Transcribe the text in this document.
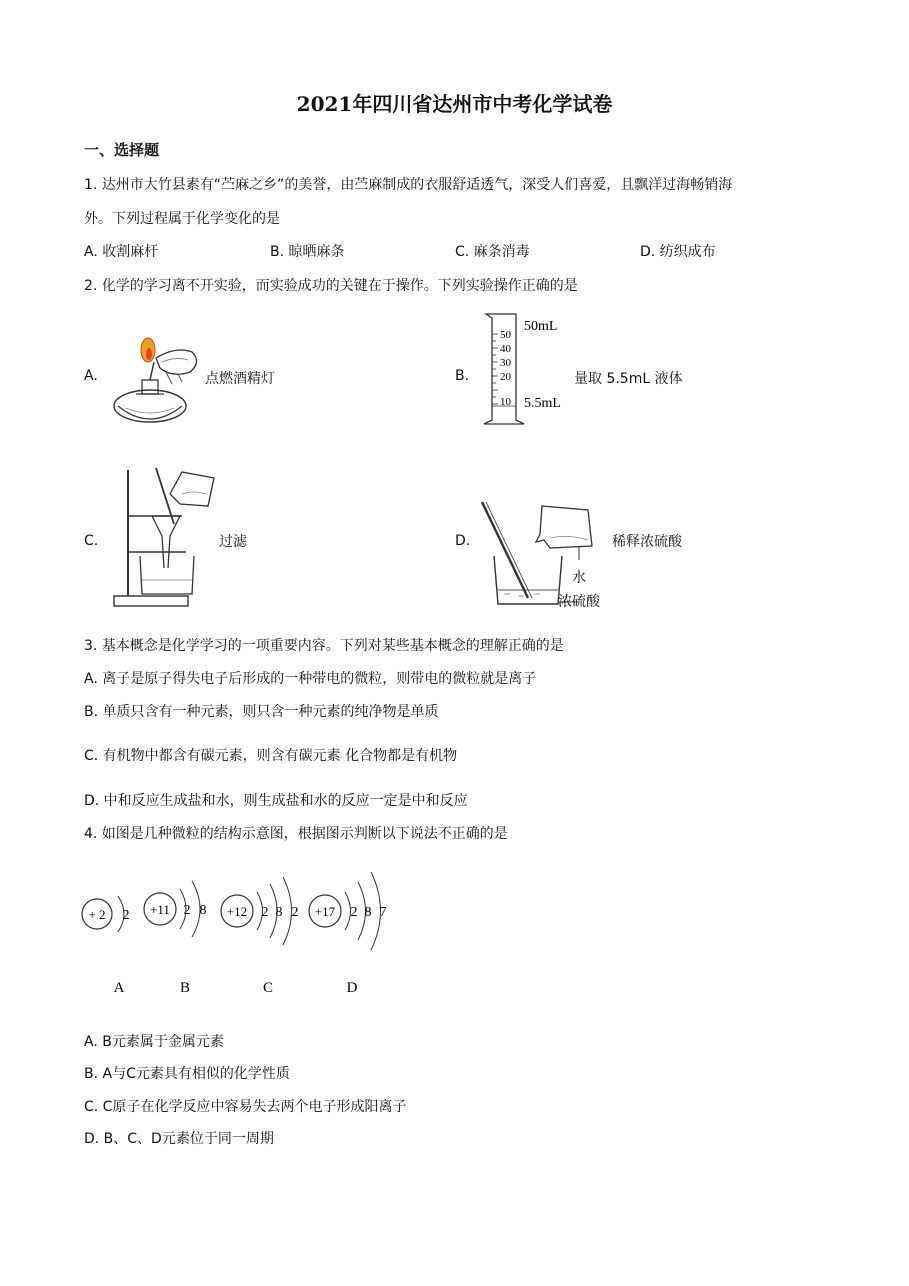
2021年四川省达州市中考化学试卷
一、选择题
1. 达州市大竹县素有“苎麻之乡”的美誉，由苎麻制成的衣服舒适透气，深受人们喜爱，且飘洋过海畅销海
外。下列过程属于化学变化的是
A. 收割麻杆	B. 晾晒麻条	C. 麻条消毒	D. 纺织成布
2. 化学的学习离不开实验，而实验成功的关键在于操作。下列实验操作正确的是
A.	点燃酒精灯	B.
50
40
30
20
10
50mL
5.5mL
量取 5.5mL 液体
C.	过滤	D.	稀释浓硫酸
水
浓硫酸
3. 基本概念是化学学习的一项重要内容。下列对某些基本概念的理解正确的是
A. 离子是原子得失电子后形成的一种带电的微粒，则带电的微粒就是离子
B. 单质只含有一种元素，则只含一种元素的纯净物是单质
C. 有机物中都含有碳元素，则含有碳元素 化合物都是有机物
D. 中和反应生成盐和水，则生成盐和水的反应一定是中和反应
4. 如图是几种微粒的结构示意图，根据图示判断以下说法不正确的是
+ 2 2
A
+11 2 8
B
+12 2 8 2
C
+17 2 8 7
D
A. B元素属于金属元素
B. A与C元素具有相似的化学性质
C. C原子在化学反应中容易失去两个电子形成阳离子
D. B、C、D元素位于同一周期
